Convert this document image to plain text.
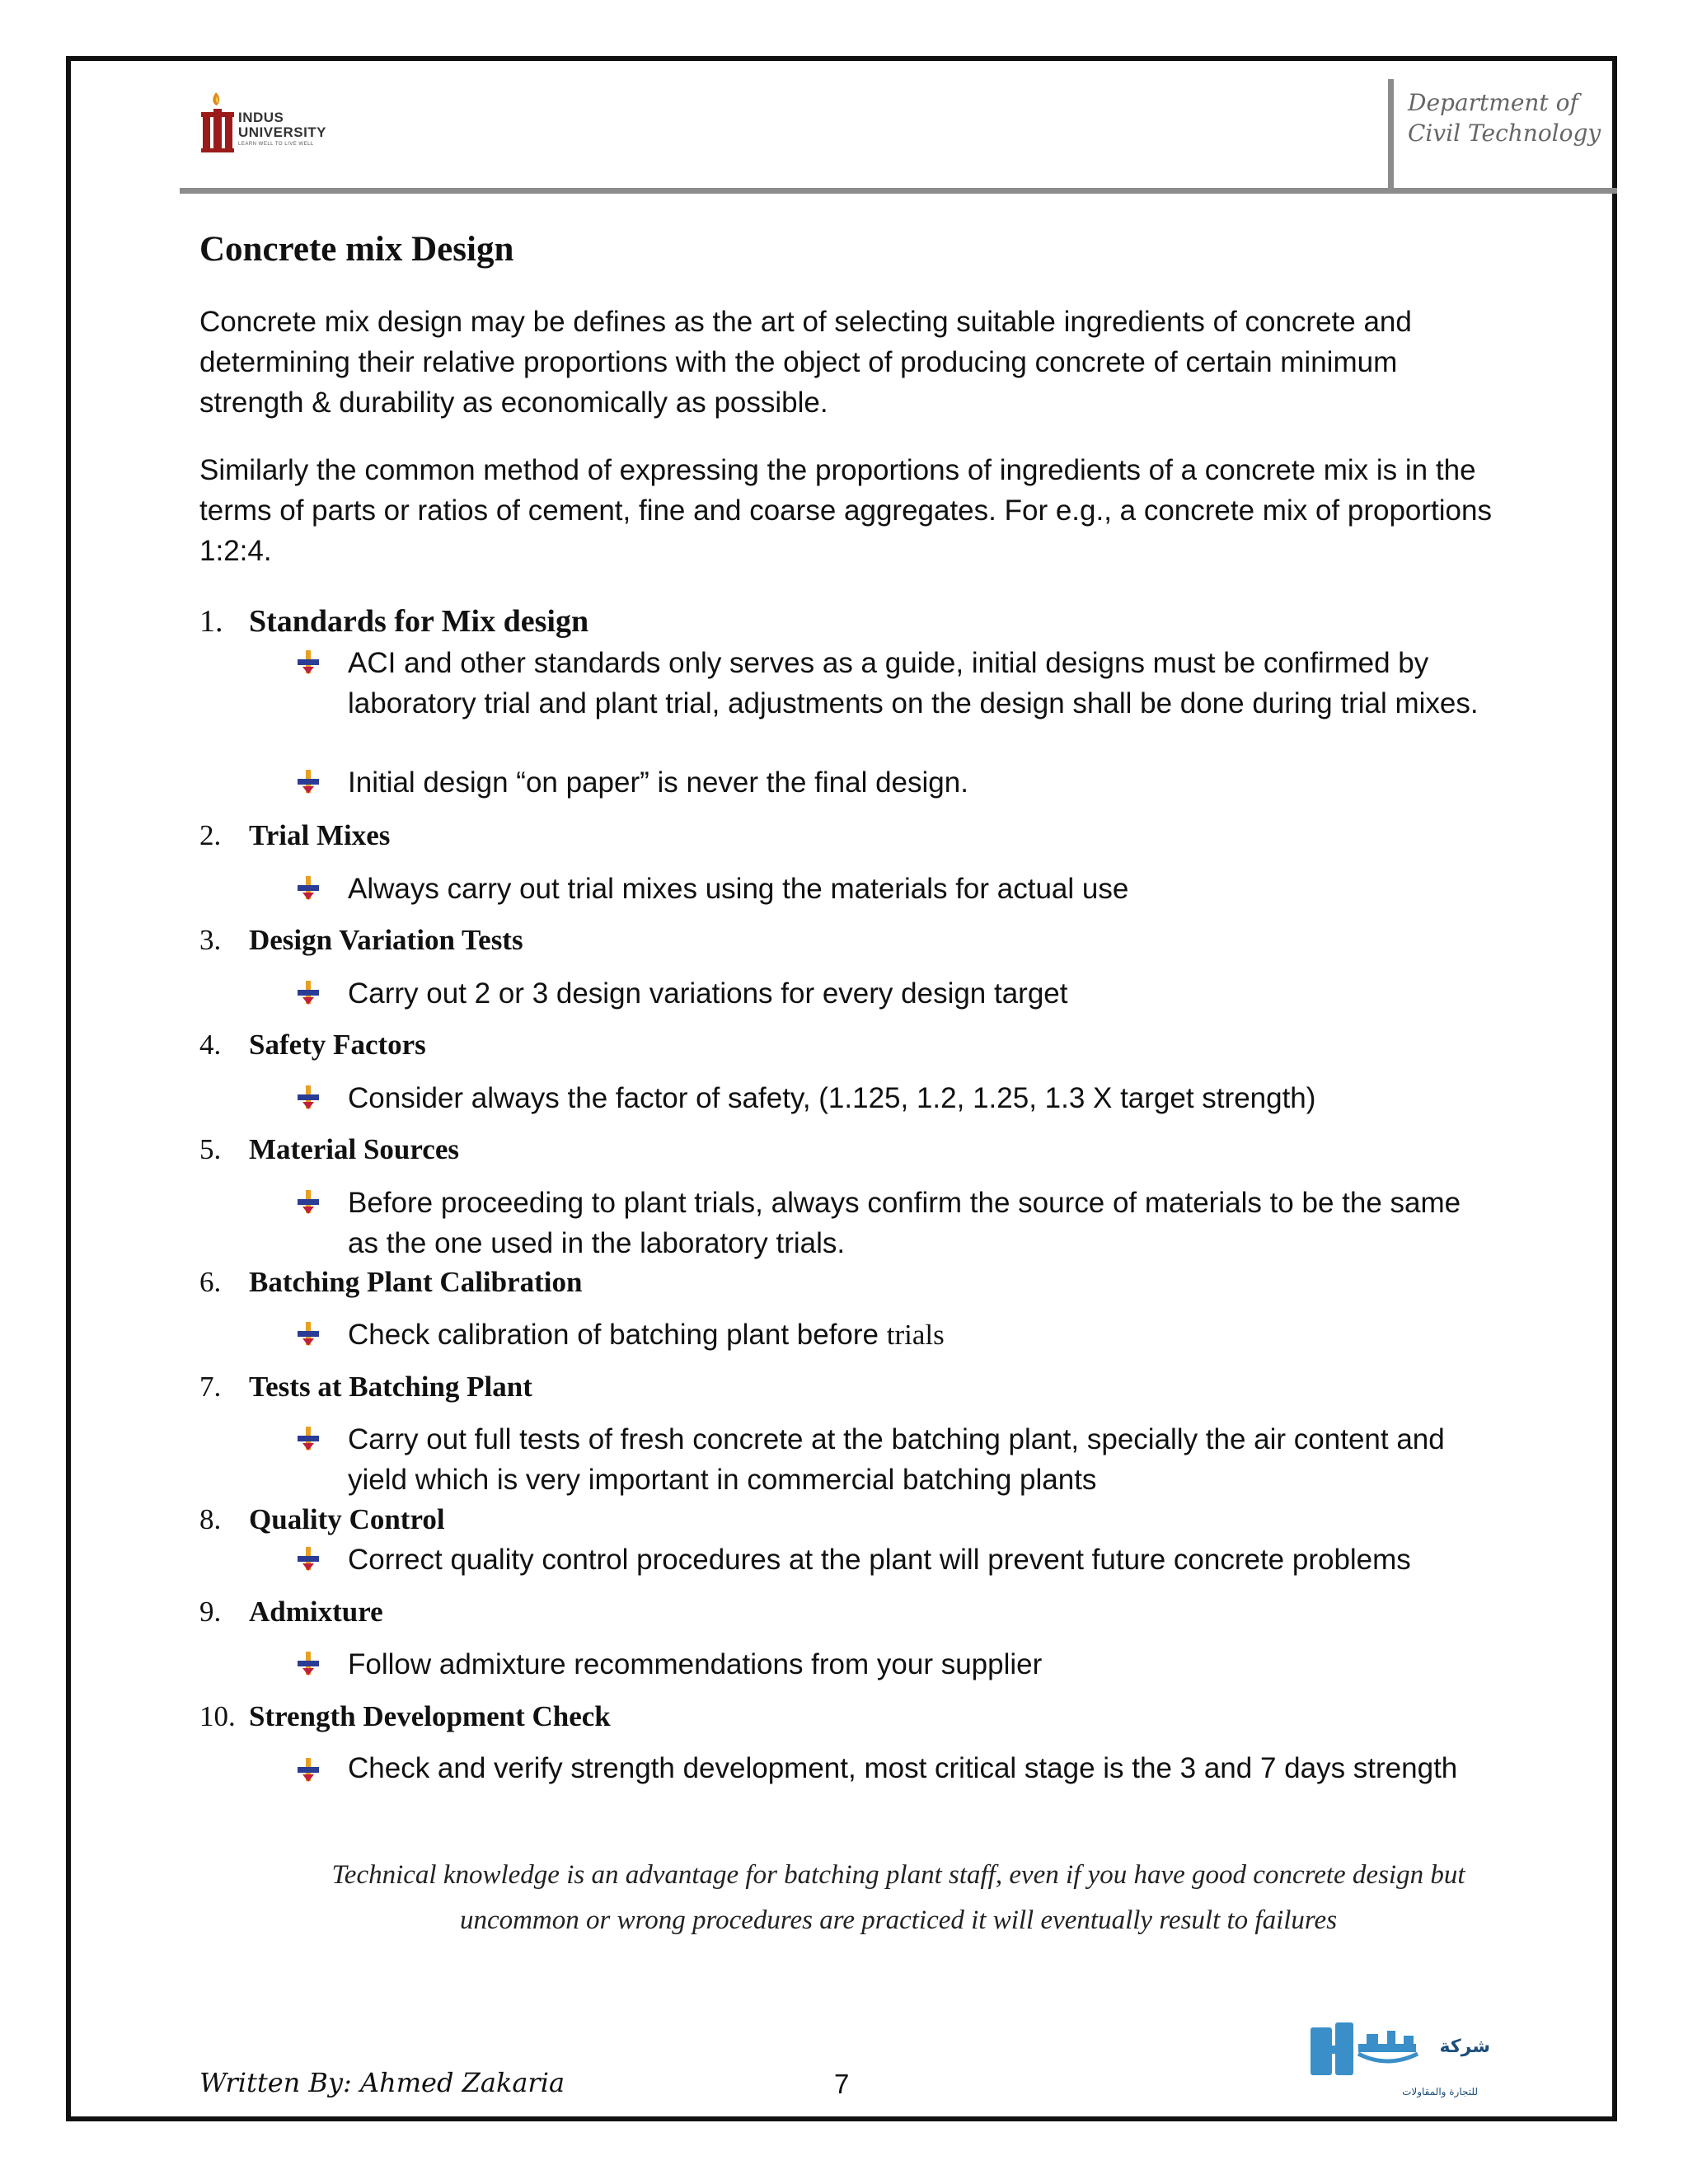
INDUS UNIVERSITY
LEARN WELL TO LIVE WELL
Department of Civil Technology
Concrete mix Design

Concrete mix design may be defines as the art of selecting suitable ingredients of concrete and determining their relative proportions with the object of producing concrete of certain minimum strength & durability as economically as possible.

Similarly the common method of expressing the proportions of ingredients of a concrete mix is in the terms of parts or ratios of cement, fine and coarse aggregates. For e.g., a concrete mix of proportions 1:2:4.

1. Standards for Mix design
ACI and other standards only serves as a guide, initial designs must be confirmed by laboratory trial and plant trial, adjustments on the design shall be done during trial mixes.
Initial design “on paper” is never the final design.
2. Trial Mixes
Always carry out trial mixes using the materials for actual use
3. Design Variation Tests
Carry out 2 or 3 design variations for every design target
4. Safety Factors
Consider always the factor of safety, (1.125, 1.2, 1.25, 1.3 X target strength)
5. Material Sources
Before proceeding to plant trials, always confirm the source of materials to be the same as the one used in the laboratory trials.
6. Batching Plant Calibration
Check calibration of batching plant before trials
7. Tests at Batching Plant
Carry out full tests of fresh concrete at the batching plant, specially the air content and yield which is very important in commercial batching plants
8. Quality Control
Correct quality control procedures at the plant will prevent future concrete problems
9. Admixture
Follow admixture recommendations from your supplier
10. Strength Development Check
Check and verify strength development, most critical stage is the 3 and 7 days strength

Technical knowledge is an advantage for batching plant staff, even if you have good concrete design but uncommon or wrong procedures are practiced it will eventually result to failures

Written By: Ahmed Zakaria	7
شركة
للتجارة والمقاولات
